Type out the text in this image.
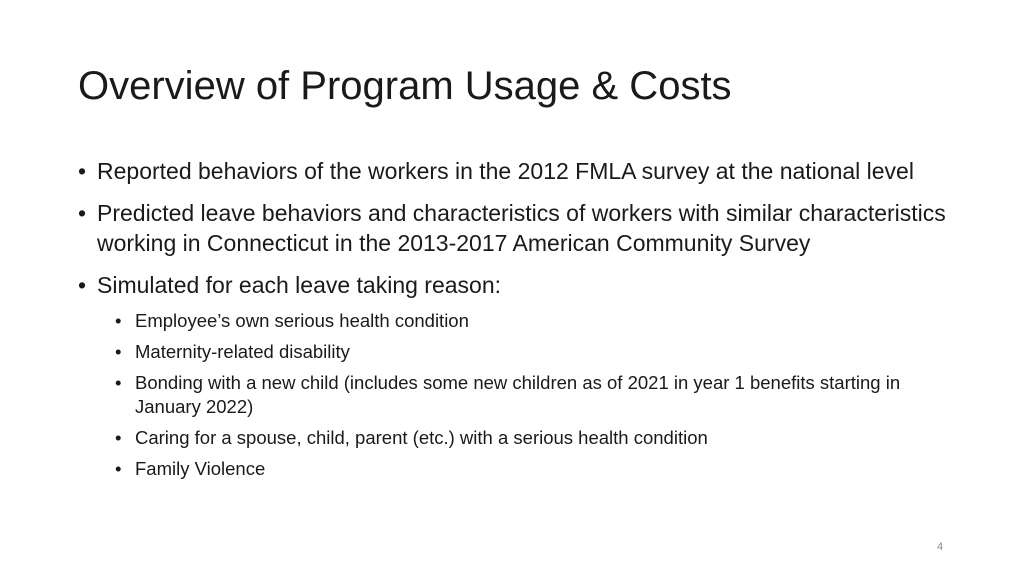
Overview of Program Usage & Costs
• Reported behaviors of the workers in the 2012 FMLA survey at the national level
• Predicted leave behaviors and characteristics of workers with similar characteristics working in Connecticut in the 2013-2017 American Community Survey
• Simulated for each leave taking reason:
• Employee’s own serious health condition
• Maternity-related disability
• Bonding with a new child (includes some new children as of 2021 in year 1 benefits starting in January 2022)
• Caring for a spouse, child, parent (etc.) with a serious health condition
• Family Violence
4
